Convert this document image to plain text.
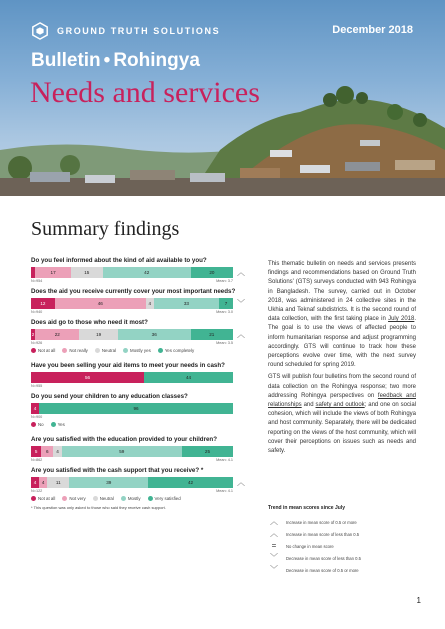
GROUND TRUTH SOLUTIONS	December 2018
Bulletin • Rohingya
Needs and services
Summary findings
Do you feel informed about the kind of aid available to you?
17	15	42	20	︿
N=954	Mean: 3.7
Does the aid you receive currently cover your most important needs?
12	46	4	33	7	﹀
N=940	Mean: 3.0
Does aid go to those who need it most?
2	22	19	36	21	︿
N=926	Mean: 3.5
Not at all	Not really	Neutral	Mostly yes	Yes completely
Have you been selling your aid items to meet your needs in cash?
56	44
N=955
Do you send your children to any education classes?
4	96
N=900
No	Yes
Are you satisfied with the education provided to your children?
5	6	4	59	25
N=862	Mean: 4.1
Are you satisfied with the cash support that you receive? *
4	4	11	39	42	︿
N=122	Mean: 4.1
Not at all	Not very	Neutral	Mostly	Very satisfied
* This question was only asked to those who said they receive cash support.

This thematic bulletin on needs and services presents findings and recommendations based on Ground Truth Solutions' (GTS) surveys conducted with 943 Rohingya in Bangladesh. The survey, carried out in October 2018, was administered in 24 collective sites in the Ukhia and Teknaf subdistricts. It is the second round of data collection, with the first taking place in July 2018. The goal is to use the views of affected people to inform humanitarian response and adjust programming accordingly. GTS will continue to track how these perceptions evolve over time, with the next survey round scheduled for spring 2019.

GTS will publish four bulletins from the second round of data collection on the Rohingya response; two more addressing Rohingya perspectives on feedback and relationships and safety and outlook; and one on social cohesion, which will include the views of both Rohingya and host community. Separately, there will be dedicated reporting on the views of the host community, which will cover their perceptions on issues such as needs and safety.

Trend in mean scores since July
︿	Increase in mean score of 0.5 or more
︿	Increase in mean score of less than 0.5
=	No change in mean score
﹀	Decrease in mean score of less than 0.5
﹀	Decrease in mean score of 0.5 or more
1
